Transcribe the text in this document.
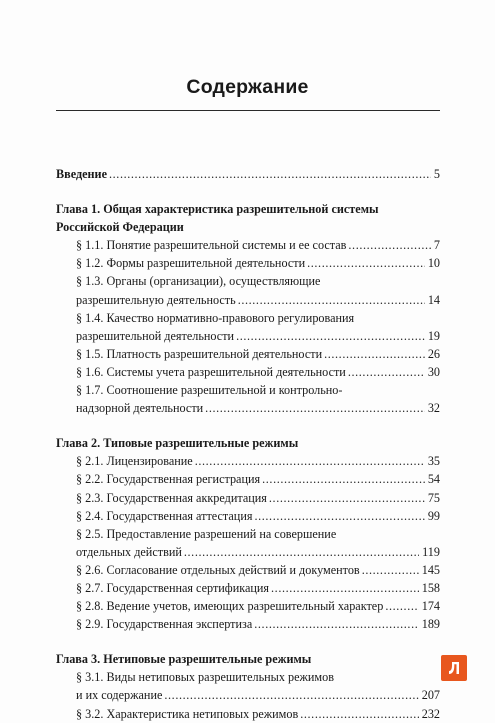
Содержание
Введение .....	5
Глава 1. Общая характеристика разрешительной системы
Российской Федерации
§ 1.1. Понятие разрешительной системы и ее состав .....	7
§ 1.2. Формы разрешительной деятельности .....	10
§ 1.3. Органы (организации), осуществляющие
разрешительную деятельность .....	14
§ 1.4. Качество нормативно-правового регулирования
разрешительной деятельности .....	19
§ 1.5. Платность разрешительной деятельности .....	26
§ 1.6. Системы учета разрешительной деятельности .....	30
§ 1.7. Соотношение разрешительной и контрольно-
надзорной деятельности .....	32
Глава 2. Типовые разрешительные режимы
§ 2.1. Лицензирование .....	35
§ 2.2. Государственная регистрация .....	54
§ 2.3. Государственная аккредитация .....	75
§ 2.4. Государственная аттестация .....	99
§ 2.5. Предоставление разрешений на совершение
отдельных действий .....	119
§ 2.6. Согласование отдельных действий и документов .....	145
§ 2.7. Государственная сертификация .....	158
§ 2.8. Ведение учетов, имеющих разрешительный характер .....	174
§ 2.9. Государственная экспертиза .....	189
Глава 3. Нетиповые разрешительные режимы
§ 3.1. Виды нетиповых разрешительных режимов
и их содержание .....	207
§ 3.2. Характеристика нетиповых режимов .....	232
